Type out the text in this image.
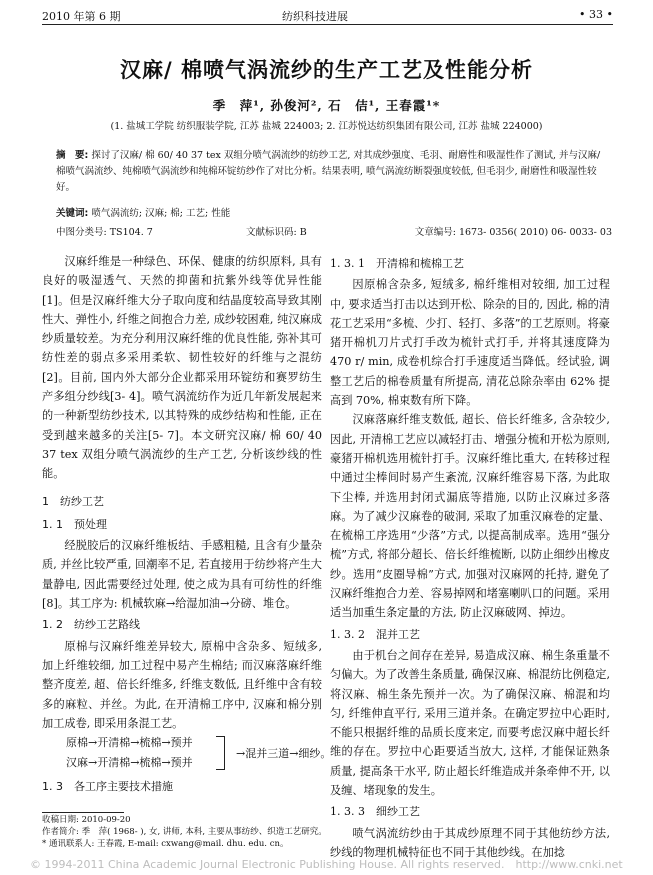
2010 年第 6 期	纺织科技进展	• 33 •
汉麻/ 棉喷气涡流纱的生产工艺及性能分析
季　萍¹, 孙俊河², 石　佶¹, 王春霞¹*
(1. 盐城工学院 纺织服装学院, 江苏 盐城 224003; 2. 江苏悦达纺织集团有限公司, 江苏 盐城 224000)
摘　要: 探讨了汉麻/ 棉 60/ 40 37 tex 双组分喷气涡流纱的纺纱工艺, 对其成纱强度、毛羽、耐磨性和吸湿性作了测试, 并与汉麻/ 棉喷气涡流纱、纯棉喷气涡流纱和纯棉环锭纺纱作了对比分析。结果表明, 喷气涡流纺断裂强度较低, 但毛羽少, 耐磨性和吸湿性较好。
关键词: 喷气涡流纺; 汉麻; 棉; 工艺; 性能
中图分类号: TS104. 7	文献标识码: B	文章编号: 1673- 0356( 2010) 06- 0033- 03

汉麻纤维是一种绿色、环保、健康的纺织原料, 具有良好的吸湿透气、天然的抑菌和抗紫外线等优异性能[1]。但是汉麻纤维大分子取向度和结晶度较高导致其刚性大、弹性小, 纤维之间抱合力差, 成纱较困难, 纯汉麻成纱质量较差。为充分利用汉麻纤维的优良性能, 弥补其可纺性差的弱点多采用柔软、韧性较好的纤维与之混纺[2]。目前, 国内外大部分企业都采用环锭纺和赛罗纺生产多组分纱线[3- 4]。喷气涡流纺作为近几年新发展起来的一种新型纺纱技术, 以其特殊的成纱结构和性能, 正在受到越来越多的关注[5- 7]。本文研究汉麻/ 棉 60/ 40 37 tex 双组分喷气涡流纱的生产工艺, 分析该纱线的性能。

1　纺纱工艺
1. 1　预处理

经脱胶后的汉麻纤维板结、手感粗糙, 且含有少量杂质, 并丝比较严重, 回潮率不足, 若直接用于纺纱将产生大量静电, 因此需要经过处理, 使之成为具有可纺性的纤维[8]。其工序为: 机械软麻→给湿加油→分磅、堆仓。

1. 2　纺纱工艺路线

原棉与汉麻纤维差异较大, 原棉中含杂多、短绒多, 加上纤维较细, 加工过程中易产生棉结; 而汉麻落麻纤维整齐度差, 超、倍长纤维多, 纤维支数低, 且纤维中含有较多的麻粒、并丝。为此, 在开清棉工序中, 汉麻和棉分别加工成卷, 即采用条混工艺。

原棉→开清棉→梳棉→预并
汉麻→开清棉→梳棉→预并
→混并三道→细纱。
1. 3　各工序主要技术措施
1. 3. 1　开清棉和梳棉工艺

因原棉含杂多, 短绒多, 棉纤维相对较细, 加工过程中, 要求适当打击以达到开松、除杂的目的, 因此, 棉的清花工艺采用“多梳、少打、轻打、多落”的工艺原则。将豪猪开棉机刀片式打手改为梳针式打手, 并将其速度降为 470 r/ min, 成卷机综合打手速度适当降低。经试验, 调整工艺后的棉卷质量有所提高, 清花总除杂率由 62% 提高到 70%, 棉束数有所下降。

汉麻落麻纤维支数低, 超长、倍长纤维多, 含杂较少, 因此, 开清棉工艺应以减轻打击、增强分梳和开松为原则, 豪猪开棉机选用梳针打手。汉麻纤维比重大, 在转移过程中通过尘棒间时易产生紊流, 汉麻纤维容易下落, 为此取下尘棒, 并选用封闭式漏底等措施, 以防止汉麻过多落麻。为了减少汉麻卷的破洞, 采取了加重汉麻卷的定量、在梳棉工序选用“少落”方式, 以提高制成率。选用“强分梳”方式, 将部分超长、倍长纤维梳断, 以防止细纱出橡皮纱。选用“皮圈导棉”方式, 加强对汉麻网的托持, 避免了汉麻纤维抱合力差、容易掉网和堵塞喇叭口的问题。采用适当加重生条定量的方法, 防止汉麻破网、掉边。

1. 3. 2　混并工艺

由于机台之间存在差异, 易造成汉麻、棉生条重量不匀偏大。为了改善生条质量, 确保汉麻、棉混纺比例稳定, 将汉麻、棉生条先预并一次。为了确保汉麻、棉混和均匀, 纤维伸直平行, 采用三道并条。在确定罗拉中心距时, 不能只根据纤维的品质长度来定, 而要考虑汉麻中超长纤维的存在。罗拉中心距要适当放大, 这样, 才能保证熟条质量, 提高条干水平, 防止超长纤维造成并条牵伸不开, 以及缠、堵现象的发生。

1. 3. 3　细纱工艺

喷气涡流纺纱由于其成纱原理不同于其他纺纱方法, 纱线的物理机械特征也不同于其他纱线。在加捻

收稿日期: 2010-09-20
作者简介: 季　萍( 1968- ), 女, 讲师, 本科, 主要从事纺纱、织造工艺研究。
* 通讯联系人: 王春霞, E-mail: cxwang@mail. dhu. edu. cn。
© 1994-2011 China Academic Journal Electronic Publishing House. All rights reserved.　http://www.cnki.net
